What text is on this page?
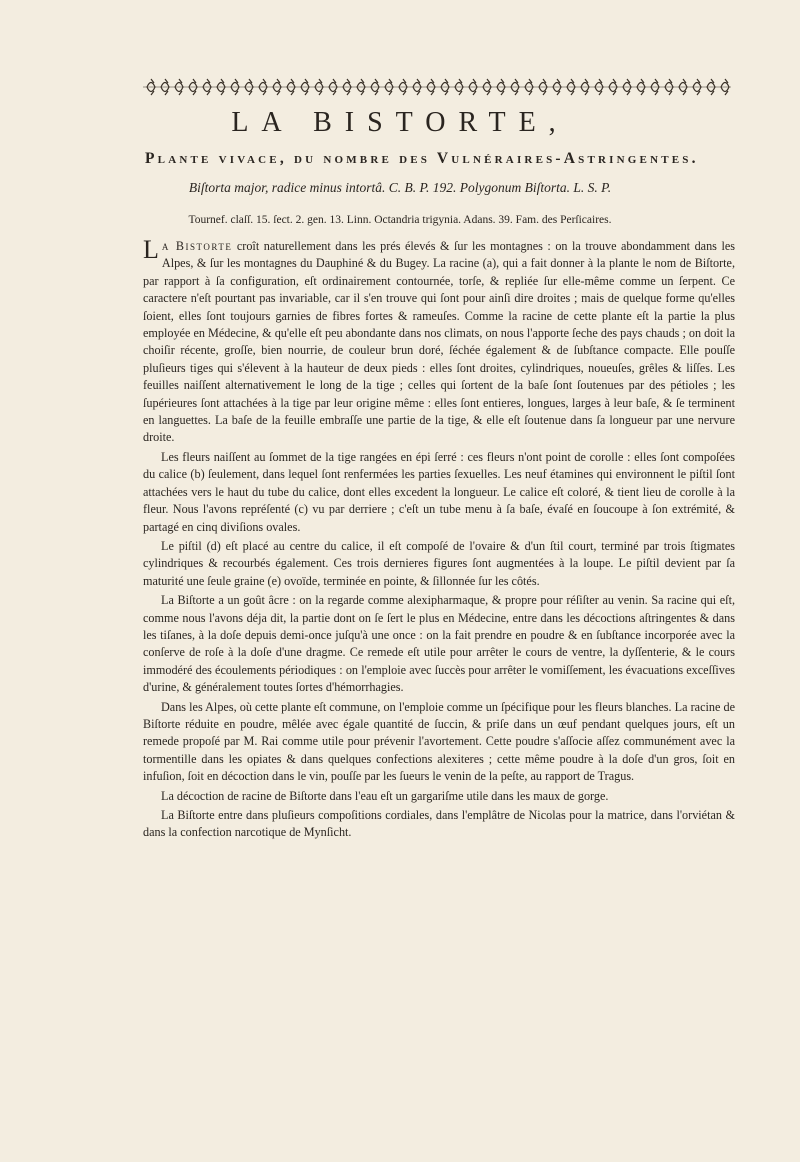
LA BISTORTE,
Plante vivace, du nombre des Vulnéraires-Astringentes.
Biſtorta major, radice minus intortâ. C. B. P. 192. Polygonum Biſtorta. L. S. P.
Tournef. claſſ. 15. ſect. 2. gen. 13. Linn. Octandria trigynia. Adans. 39. Fam. des Perſicaires.

La Bistorte croît naturellement dans les prés élevés & ſur les montagnes : on la trouve abondamment dans les Alpes, & ſur les montagnes du Dauphiné & du Bugey. La racine (a), qui a fait donner à la plante le nom de Biſtorte, par rapport à ſa configuration, eſt ordinairement contournée, torſe, & repliée ſur elle-même comme un ſerpent. Ce caractere n'eſt pourtant pas invariable, car il s'en trouve qui ſont pour ainſi dire droites ; mais de quelque forme qu'elles ſoient, elles ſont toujours garnies de fibres fortes & rameuſes. Comme la racine de cette plante eſt la partie la plus employée en Médecine, & qu'elle eſt peu abondante dans nos climats, on nous l'apporte ſeche des pays chauds ; on doit la choiſir récente, groſſe, bien nourrie, de couleur brun doré, ſéchée également & de ſubſtance compacte. Elle pouſſe pluſieurs tiges qui s'élevent à la hauteur de deux pieds : elles ſont droites, cylindriques, noueuſes, grêles & liſſes. Les feuilles naiſſent alternativement le long de la tige ; celles qui ſortent de la baſe ſont ſoutenues par des pétioles ; les ſupérieures ſont attachées à la tige par leur origine même : elles ſont entieres, longues, larges à leur baſe, & ſe terminent en languettes. La baſe de la feuille embraſſe une partie de la tige, & elle eſt ſoutenue dans ſa longueur par une nervure droite.

Les fleurs naiſſent au ſommet de la tige rangées en épi ſerré : ces fleurs n'ont point de corolle : elles ſont compoſées du calice (b) ſeulement, dans lequel ſont renfermées les parties ſexuelles. Les neuf étamines qui environnent le piſtil ſont attachées vers le haut du tube du calice, dont elles excedent la longueur. Le calice eſt coloré, & tient lieu de corolle à la fleur. Nous l'avons repréſenté (c) vu par derriere ; c'eſt un tube menu à ſa baſe, évaſé en ſoucoupe à ſon extrémité, & partagé en cinq diviſions ovales.

Le piſtil (d) eſt placé au centre du calice, il eſt compoſé de l'ovaire & d'un ſtil court, terminé par trois ſtigmates cylindriques & recourbés également. Ces trois dernieres figures ſont augmentées à la loupe. Le piſtil devient par ſa maturité une ſeule graine (e) ovoïde, terminée en pointe, & ſillonnée ſur les côtés.

La Biſtorte a un goût âcre : on la regarde comme alexipharmaque, & propre pour réſiſter au venin. Sa racine qui eſt, comme nous l'avons déja dit, la partie dont on ſe ſert le plus en Médecine, entre dans les décoctions aſtringentes & dans les tiſanes, à la doſe depuis demi-once juſqu'à une once : on la fait prendre en poudre & en ſubſtance incorporée avec la conſerve de roſe à la doſe d'une dragme. Ce remede eſt utile pour arrêter le cours de ventre, la dyſſenterie, & le cours immodéré des écoulements périodiques : on l'emploie avec ſuccès pour arrêter le vomiſſement, les évacuations exceſſives d'urine, & généralement toutes ſortes d'hémorrhagies.

Dans les Alpes, où cette plante eſt commune, on l'emploie comme un ſpécifique pour les fleurs blanches. La racine de Biſtorte réduite en poudre, mêlée avec égale quantité de ſuccin, & priſe dans un œuf pendant quelques jours, eſt un remede propoſé par M. Rai comme utile pour prévenir l'avortement. Cette poudre s'aſſocie aſſez communément avec la tormentille dans les opiates & dans quelques confections alexiteres ; cette même poudre à la doſe d'un gros, ſoit en infuſion, ſoit en décoction dans le vin, pouſſe par les ſueurs le venin de la peſte, au rapport de Tragus.

La décoction de racine de Biſtorte dans l'eau eſt un gargariſme utile dans les maux de gorge.

La Biſtorte entre dans pluſieurs compoſitions cordiales, dans l'emplâtre de Nicolas pour la matrice, dans l'orviétan & dans la confection narcotique de Mynſicht.
